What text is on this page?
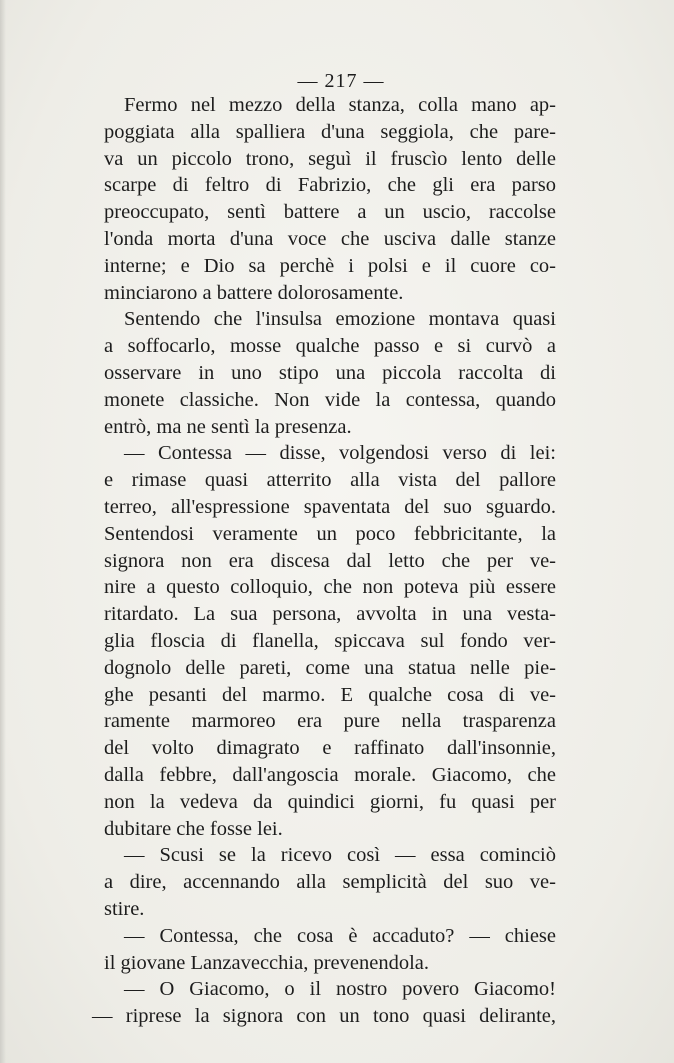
— 217 —
Fermo nel mezzo della stanza, colla mano ap-
poggiata alla spalliera d'una seggiola, che pare-
va un piccolo trono, seguì il fruscìo lento delle
scarpe di feltro di Fabrizio, che gli era parso
preoccupato, sentì battere a un uscio, raccolse
l'onda morta d'una voce che usciva dalle stanze
interne; e Dio sa perchè i polsi e il cuore co-
minciarono a battere dolorosamente.
Sentendo che l'insulsa emozione montava quasi
a soffocarlo, mosse qualche passo e si curvò a
osservare in uno stipo una piccola raccolta di
monete classiche. Non vide la contessa, quando
entrò, ma ne sentì la presenza.
— Contessa — disse, volgendosi verso di lei:
e rimase quasi atterrito alla vista del pallore
terreo, all'espressione spaventata del suo sguardo.
Sentendosi veramente un poco febbricitante, la
signora non era discesa dal letto che per ve-
nire a questo colloquio, che non poteva più essere
ritardato. La sua persona, avvolta in una vesta-
glia floscia di flanella, spiccava sul fondo ver-
dognolo delle pareti, come una statua nelle pie-
ghe pesanti del marmo. E qualche cosa di ve-
ramente marmoreo era pure nella trasparenza
del volto dimagrato e raffinato dall'insonnie,
dalla febbre, dall'angoscia morale. Giacomo, che
non la vedeva da quindici giorni, fu quasi per
dubitare che fosse lei.
— Scusi se la ricevo così — essa cominciò
a dire, accennando alla semplicità del suo ve-
stire.
— Contessa, che cosa è accaduto? — chiese
il giovane Lanzavecchia, prevenendola.
— O Giacomo, o il nostro povero Giacomo!
— riprese la signora con un tono quasi delirante,
